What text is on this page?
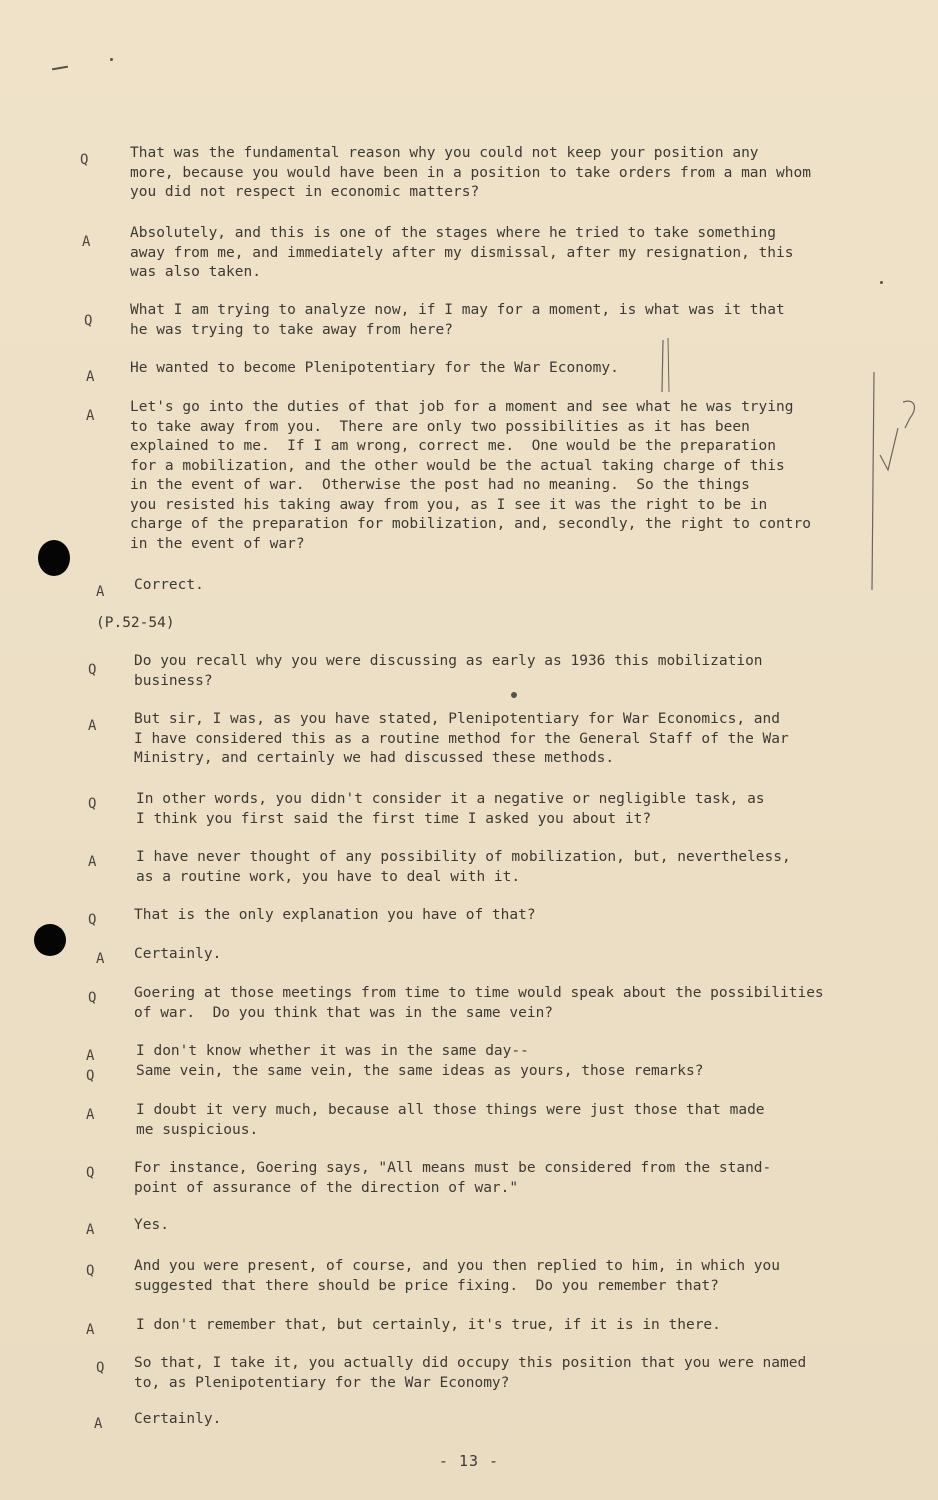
Q	That was the fundamental reason why you could not keep your position any
more, because you would have been in a position to take orders from a man whom
you did not respect in economic matters?
A
Absolutely, and this is one of the stages where he tried to take something
away from me, and immediately after my dismissal, after my resignation, this
was also taken.
Q
What I am trying to analyze now, if I may for a moment, is what was it that
he was trying to take away from here?
A
He wanted to become Plenipotentiary for the War Economy.
A
Let's go into the duties of that job for a moment and see what he was trying
to take away from you.  There are only two possibilities as it has been
explained to me.  If I am wrong, correct me.  One would be the preparation
for a mobilization, and the other would be the actual taking charge of this
in the event of war.  Otherwise the post had no meaning.  So the things
you resisted his taking away from you, as I see it was the right to be in
charge of the preparation for mobilization, and, secondly, the right to contro
in the event of war?
A	Correct.
(P.52-54)
Q
Do you recall why you were discussing as early as 1936 this mobilization
business?
A	But sir, I was, as you have stated, Plenipotentiary for War Economics, and
I have considered this as a routine method for the General Staff of the War
Ministry, and certainly we had discussed these methods.
Q	In other words, you didn't consider it a negative or negligible task, as
I think you first said the first time I asked you about it?
A	I have never thought of any possibility of mobilization, but, nevertheless,
as a routine work, you have to deal with it.
Q	That is the only explanation you have of that?
A	Certainly.
Q	Goering at those meetings from time to time would speak about the possibilities
of war.  Do you think that was in the same vein?
A	I don't know whether it was in the same day--
Q	Same vein, the same vein, the same ideas as yours, those remarks?
A	I doubt it very much, because all those things were just those that made
me suspicious.
Q	For instance, Goering says, "All means must be considered from the stand-
point of assurance of the direction of war."
A	Yes.
Q	And you were present, of course, and you then replied to him, in which you
suggested that there should be price fixing.  Do you remember that?
A	I don't remember that, but certainly, it's true, if it is in there.
Q	So that, I take it, you actually did occupy this position that you were named
to, as Plenipotentiary for the War Economy?
A	Certainly.
- 13 -
